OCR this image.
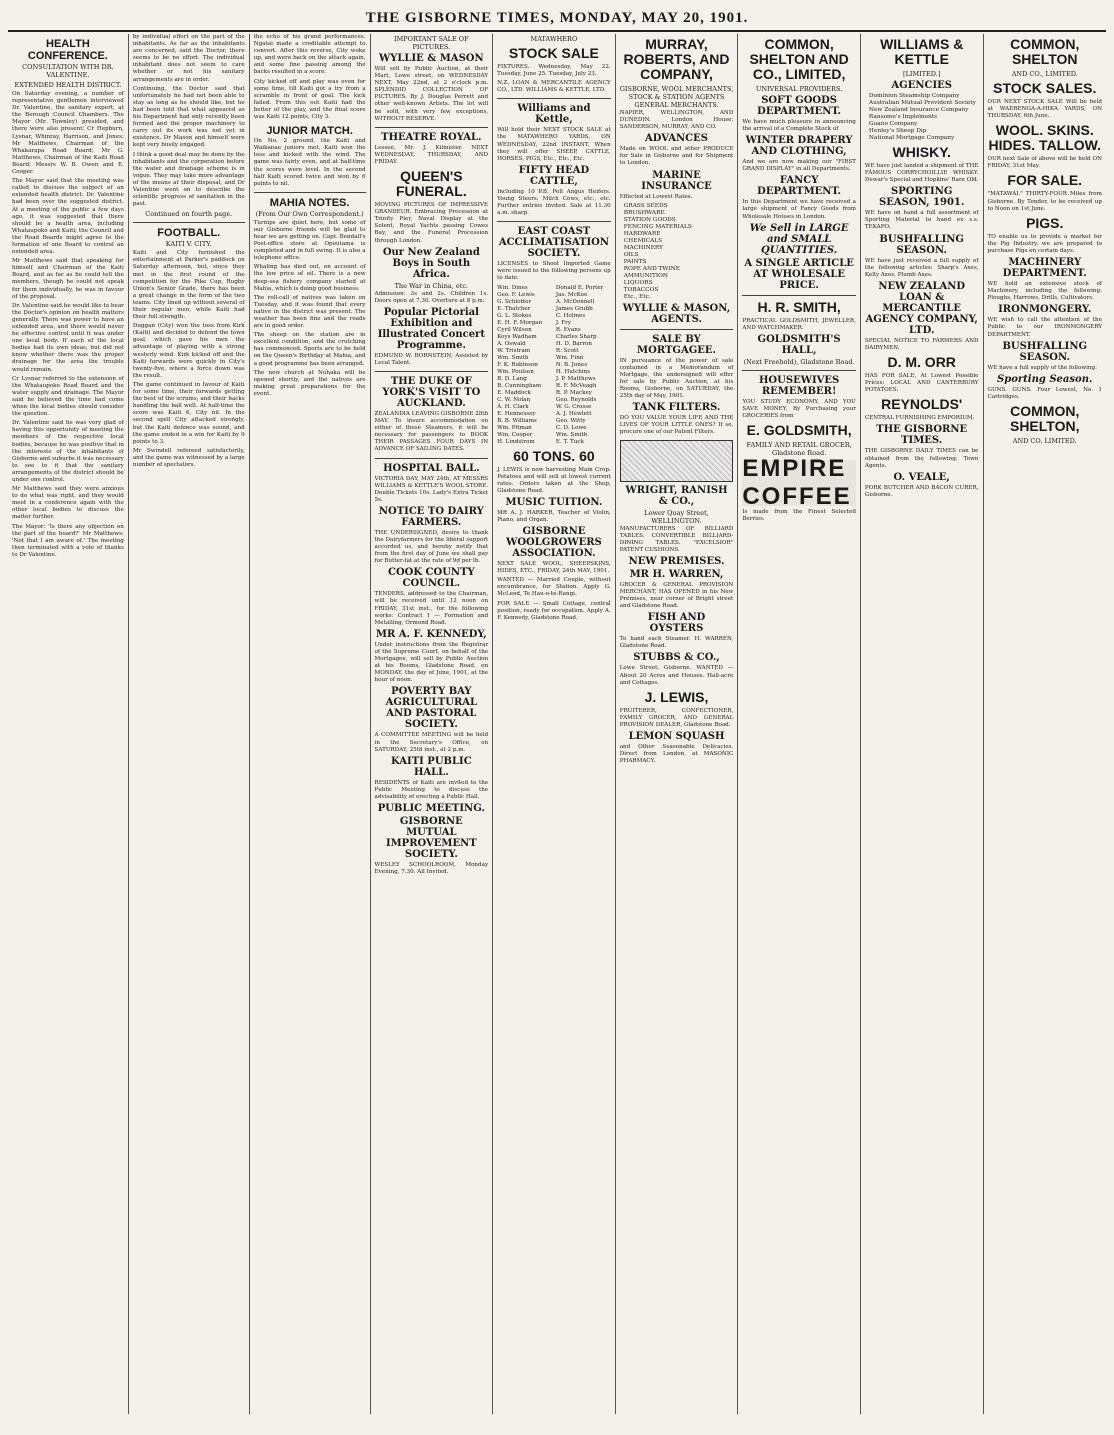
THE GISBORNE TIMES, MONDAY, MAY 20, 1901.
HEALTH CONFERENCE.
CONSULTATION WITH DR. VALENTINE.
EXTENDED HEALTH DISTRICT.

On Saturday evening, a number of representative gentlemen interviewed Dr. Valentine, the sanitary expert, at the Borough Council Chambers. The Mayor (Mr. Townley) presided, and there were also present: Cr Hepburn, Lysnar, Whinray, Harrison, and Jones; Mr Matthews, Chairman of the Whakarapa Road Board; Mr G. Matthews, Chairman of the Kaiti Road Board; Messrs W. B. Owen and E. Cooper.

The Mayor said that the meeting was called to discuss the subject of an extended health district. Dr. Valentine had been over the suggested district. At a meeting of the public a few days ago, it was suggested that there should be a health area, including Whataupoko and Kaiti; the Council and the Road Boards might agree to the formation of one Board to control an extended area.

Mr Matthews said that speaking for himself and Chairman of the Kaiti Board, and as far as he could tell the members, though he could not speak for them individually, he was in favour of the proposal.

Dr. Valentine said he would like to hear the Doctor's opinion on health matters generally. There was power to have an extended area, and there would never be effective control until it was under one local body. If each of the local bodies had its own ideas, but did not know whether there was the proper drainage for the area the trouble would remain.

Cr Lysnar referred to the extension of the Whataupoko Road Board and the water supply and drainage. The Mayor said he believed the time had come when the local bodies should consider the question.

Dr. Valentine said he was very glad of having this opportunity of meeting the members of the respective local bodies, because he was positive that in the interests of the inhabitants of Gisborne and suburbs it was necessary to see to it that the sanitary arrangements of the district should be under one control.

Mr Matthews said they were anxious to do what was right, and they would meet in a conference again with the other local bodies to discuss the matter further.

The Mayor: 'Is there any objection on the part of the board?' Mr Matthews: 'Not that I am aware of.' The meeting then terminated with a vote of thanks to Dr Valentine.

by individual effort on the part of the inhabitants. As far as the inhabitants are concerned, said the Doctor, there seems to be no effort. The individual inhabitant does not seem to care whether or not his sanitary arrangements are in order.

Continuing, the Doctor said that unfortunately he had not been able to stay as long as he should like, but he had been told that what appeared as his Department had only recently been formed and the proper machinery to carry out its work was not yet in existence. Dr Mason and himself were kept very busily engaged.

I think a good deal may be done by the inhabitants and the corporation before the water and drainage scheme is in vogue. They may take more advantage of the means at their disposal, and Dr Valentine went on to describe the scientific progress of sanitation in the past.

Continued on fourth page.
FOOTBALL.
KAITI V. CITY.

Kaiti and City furnished the entertainment at Parker's paddock on Saturday afternoon, but, since they met in the first round of the competition for the Pike Cup, Rugby Union's Senior Grade, there has been a great change in the form of the two teams. City lined up without several of their regular men, while Kaiti had their full strength.

Duggan (City) won the toss from Kirk (Kaiti) and decided to defend the town goal, which gave his men the advantage of playing with a strong westerly wind. Kirk kicked off and the Kaiti forwards were quickly in City's twenty-five, where a force down was the result.

The game continued in favour of Kaiti for some time, their forwards getting the best of the scrums, and their backs handling the ball well. At half-time the score was Kaiti 6, City nil. In the second spell City attacked strongly, but the Kaiti defence was sound, and the game ended in a win for Kaiti by 9 points to 3.

Mr Swindell refereed satisfactorily, and the game was witnessed by a large number of spectators.

the echo of his grand performances. Ngatai made a creditable attempt to convert. After this reverse, City woke up, and were back on the attack again, and some fine passing among the backs resulted in a score.

City kicked off and play was even for some time, till Kaiti got a try from a scramble in front of goal. The kick failed. From this out Kaiti had the better of the play, and the final score was Kaiti 12 points, City 3.

JUNIOR MATCH.

On No. 2 ground, the Kaiti and Waikanae juniors met. Kaiti won the toss and kicked with the wind. The game was fairly even, and at half-time the scores were level. In the second half Kaiti scored twice and won by 6 points to nil.

MAHIA NOTES.
(From Our Own Correspondent.)

Turnips are quiet here, but some of our Gisborne friends will be glad to hear we are getting on. Capt. Bendall's Post-office store at Opoutama is completed and in full swing. It is also a telephone office.

Whaling has died out, on account of the low price of oil. There is a new deep-sea fishery company started at Mahia, which is doing good business.

The roll-call of natives was taken on Tuesday, and it was found that every native in the district was present. The weather has been fine and the roads are in good order.

The sheep on the station are in excellent condition, and the crutching has commenced. Sports are to be held on the Queen's Birthday at Mahia, and a good programme has been arranged.

The new church at Nuhaka will be opened shortly, and the natives are making great preparations for the event.

IMPORTANT SALE OF PICTURES.
WYLLIE & MASON

Will sell by Public Auction, at their Mart, Lowe street, on WEDNESDAY NEXT, May 22nd, at 2 o'clock p.m. SPLENDID COLLECTION OF PICTURES. By J. Douglas Perrett and other well-known Artists. The lot will be sold, with very few exceptions, WITHOUT RESERVE.

THEATRE ROYAL.

Lessee, Mr. J. Kilmister. NEXT WEDNESDAY, THURSDAY, AND FRIDAY.

QUEEN'S FUNERAL.

MOVING PICTURES OF IMPRESSIVE GRANDEUR. Embracing Procession at Trinity Pier, Naval Display at the Solent, Royal Yachts passing Cowes Bay, and the Funeral Procession through London.

Our New Zealand Boys in South Africa.
The War in China, etc.

Admission: 3s and 2s. Children 1s. Doors open at 7.30. Overture at 8 p.m.

Popular Pictorial Exhibition and Illustrated Concert Programme.

EDMUND W. BORNSTEIN, Assisted by Local Talent.

THE DUKE OF YORK'S VISIT TO AUCKLAND.

ZEALANDIA LEAVING GISBORNE 28th MAY. To insure accommodation on either of these Steamers, it will be necessary for passengers to BOOK THEIR PASSAGES FOUR DAYS IN ADVANCE OF SAILING DATES.

HOSPITAL BALL.

VICTORIA DAY, MAY 24th, AT MESSRS WILLIAMS & KETTLE'S WOOL STORE. Double Tickets 10s. Lady's Extra Ticket 5s.

NOTICE TO DAIRY FARMERS.

THE UNDERSIGNED, desire to thank the Dairyfarmers for the liberal support accorded us, and hereby notify that from the first day of June we shall pay for Butter-fat at the rate of 9d per lb.

COOK COUNTY COUNCIL.

TENDERS, addressed to the Chairman, will be received until 12 noon on FRIDAY, 31st inst., for the following works: Contract 1 — Formation and Metalling, Ormond Road.

MR A. F. KENNEDY,

Under instructions from the Registrar of the Supreme Court, on behalf of the Mortgagee, will sell by Public Auction at his Rooms, Gladstone Road, on MONDAY, the day of June, 1901, at the hour of noon.

POVERTY BAY AGRICULTURAL AND PASTORAL SOCIETY.

A COMMITTEE MEETING will be held in the Secretary's Office, on SATURDAY, 25th inst., at 2 p.m.

KAITI PUBLIC HALL.

RESIDENTS of Kaiti are invited to the Public Meeting to discuss the advisability of erecting a Public Hall.

PUBLIC MEETING.
GISBORNE MUTUAL IMPROVEMENT SOCIETY.

WESLEY SCHOOLROOM, Monday Evening, 7.30. All Invited.

MATAWHERO
STOCK SALE

FIXTURES. Wednesday, May 22. Tuesday, June 25. Tuesday, July 23.

N.Z. LOAN & MERCANTILE AGENCY CO., LTD. WILLIAMS & KETTLE, LTD.

Williams and Kettle,

Will hold their NEXT STOCK SALE at the MATAWHERO YARDS, ON WEDNESDAY, 22nd INSTANT, When they will offer SHEEP, CATTLE, HORSES, PIGS, Etc., Etc., Etc.

FIFTY HEAD CATTLE,

Including 10 P.B. Poll Angus Heifers. Young Steers. Milch Cows, etc., etc. Further entries invited. Sale at 11.30 a.m. sharp.

EAST COAST ACCLIMATISATION SOCIETY.

LICENSES to Shoot Imported Game were issued to the following persons up to date:

Wm. Dines
Geo. F. Lewis
G. Schlotter
E. Thatcher
G. L. Stokes
E. H. F. Morgan
Cyril Wilson
Keys Wadham
A. Oswald
W. Tristram
Wm. Smith
F. K. Robinson
Wm. Poulsen
B. D. Lang
R. Cunningham
E. Maddock
C. W. Nolan
A. H. Clark
E. Hennessey
B. B. Williams
Wm. Pitman
Wm. Cooper
H. Lindstrom
Donald E. Porter
Jas. McKee
A. McDonnell
James Grubb
C. Holmes
J. Fry
R. Evans
Charles Sharp
H. D. Barron
R. Scott
Wm. Finn
N. B. Jones
H. Hutchins
J. P. Matthews
R. F. McVeagh
R. P. Mackey
Geo. Reynolds
W. G. Crosse
A. J. Hewlett
Geo. Witty
C. D. Lowe
Wm. Smith
E. T. Tuck
60 TONS. 60

J. LEWIS is now harvesting Main Crop. Potatoes and will sell at lowest current rates. Orders taken at the Shop, Gladstone Road.

MUSIC TUITION.

MR A. J. HARKER, Teacher of Violin, Piano, and Organ.

GISBORNE WOOLGROWERS ASSOCIATION.

NEXT SALE WOOL, SHEEPSKINS, HIDES, ETC., FRIDAY, 24th MAY, 1901.

WANTED — Married Couple, without encumbrance, for Station. Apply G. McLeod, Te Hau-o-te-Rangi.

FOR SALE — Small Cottage, central position, ready for occupation. Apply A. F. Kennedy, Gladstone Road.

MURRAY, ROBERTS, AND COMPANY,
GISBORNE, WOOL MERCHANTS, STOCK & STATION AGENTS GENERAL MERCHANTS.

NAPIER, WELLINGTON, AND DUNEDIN. London House: SANDERSON, MURRAY, AND CO.

ADVANCES

Made on WOOL and other PRODUCE for Sale in Gisborne and for Shipment to London.

MARINE INSURANCE

Effected at Lowest Rates.

GRASS SEEDS
BRUSHWARE
STATION GOODS
FENCING MATERIALS
HARDWARE
CHEMICALS
MACHINERY
OILS
PAINTS
ROPE AND TWINE
AMMUNITION
LIQUORS
TOBACCOS
Etc., Etc.
WYLLIE & MASON, AGENTS.
SALE BY MORTGAGEE.

IN pursuance of the power of sale contained in a Memorandum of Mortgage, the undersigned will offer for sale by Public Auction, at his Rooms, Gisborne, on SATURDAY, the 25th day of May, 1901.

TANK FILTERS.

DO YOU VALUE YOUR LIFE AND THE LIVES OF YOUR LITTLE ONES? If so, procure one of our Patent Filters.

WRIGHT, RANISH & CO.,
Lower Quay Street, WELLINGTON.

MANUFACTURERS OF BILLIARD TABLES. CONVERTIBLE BILLIARD-DINING TABLES. "EXCELSIOR" PATENT CUSHIONS.

NEW PREMISES.
MR H. WARREN,

GROCER & GENERAL PROVISION MERCHANT, HAS OPENED in his New Premises, near corner of Bright street and Gladstone Road.

FISH AND OYSTERS

To hand each Steamer. H. WARREN, Gladstone Road.

STUBBS & CO.,

Lowe Street, Gisborne. WANTED — About 20 Acres and Houses. Hall-acre and Cottages.

J. LEWIS,

FRUITERER, CONFECTIONER, FAMILY GROCER, AND GENERAL PROVISION DEALER, Gladstone Road.

LEMON SQUASH

and Other Seasonable Delicacies. Direct from London. at MASONIC PHARMACY.

COMMON, SHELTON AND CO., LIMITED,
UNIVERSAL PROVIDERS.
SOFT GOODS DEPARTMENT.

We have much pleasure in announcing the arrival of a Complete Stock of

WINTER DRAPERY AND CLOTHING,

And we are now making our "FIRST GRAND DISPLAY" in all Departments.

FANCY DEPARTMENT.

In this Department we have received a large shipment of Fancy Goods from Wholesale Houses in London.

We Sell in LARGE and SMALL QUANTITIES.
A SINGLE ARTICLE AT WHOLESALE PRICE.
H. R. SMITH,

PRACTICAL GOLDSMITH, JEWELLER, AND WATCHMAKER.

GOLDSMITH'S HALL,
(Next Freehold), Gladstone Road.
HOUSEWIVES REMEMBER!

YOU STUDY ECONOMY, AND YOU SAVE MONEY, By Purchasing your GROCERIES from

E. GOLDSMITH,
FAMILY AND RETAIL GROCER, Gladstone Road.
EMPIRE COFFEE

Is made from the Finest Selected Berries.

WILLIAMS & KETTLE
[LIMITED.]
AGENCIES
Dominion Steamship Company
Australian Mutual Provident Society
New Zealand Insurance Company
Ransome's Implements
Guano Company
Henley's Sheep Dip
National Mortgage Company
WHISKY.

WE have just landed a shipment of THE FAMOUS CORRYCHOILLIE WHISKY. Dewar's Special and Hopkins' Rare Old.

SPORTING SEASON, 1901.

WE have on hand a full assortment of Sporting Material to hand ex s.s. TEKAPO.

BUSHFALLING SEASON.

WE have just received a full supply of the following articles: Sharp's Axes, Kelly Axes, Plumb Axes.

NEW ZEALAND LOAN & MERCANTILE AGENCY COMPANY, LTD.

SPECIAL NOTICE TO FARMERS AND DAIRYMEN.

D. M. ORR

HAS FOR SALE, At Lowest Possible Prices: LOCAL AND CANTERBURY POTATOES.

REYNOLDS'

CENTRAL FURNISHING EMPORIUM.

THE GISBORNE TIMES.

THE GISBORNE DAILY TIMES can be obtained from the following: Town Agents.

O. VEALE,

PORK BUTCHER AND BACON CURER, Gisborne.

COMMON, SHELTON
AND CO., LIMITED.
STOCK SALES.

OUR NEXT STOCK SALE Will be held at WAERENGA-A-HIKA YARDS, ON THURSDAY, 6th June.

WOOL. SKINS. HIDES. TALLOW.

OUR next Sale of above will be held ON FRIDAY, 31st May.

FOR SALE.

"MATAWAI." THIRTY-FOUR Miles from Gisborne. By Tender, to be received up to Noon on 1st June.

PIGS.

TO enable us to provide a market for the Pig Industry, we are prepared to purchase Pigs on certain days.

MACHINERY DEPARTMENT.

WE hold an extensive stock of Machinery, including the following: Ploughs, Harrows, Drills, Cultivators.

IRONMONGERY.

WE wish to call the attention of the Public to our IRONMONGERY DEPARTMENT.

BUSHFALLING SEASON.

WE have a full supply of the following:

Sporting Season.

GUNS. GUNS. Four Lowest, No. 1 Cartridges.

COMMON, SHELTON,
AND CO. LIMITED.
